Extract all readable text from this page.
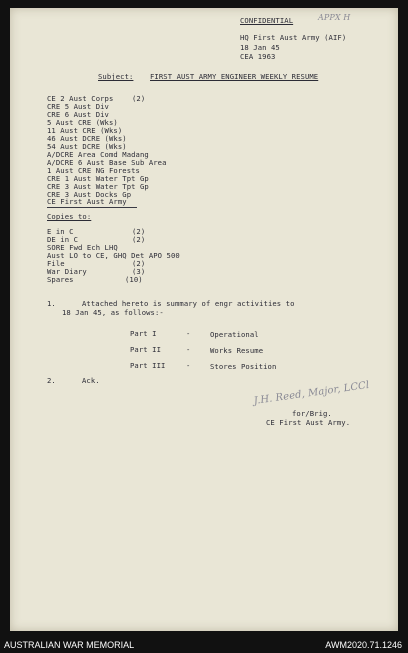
CONFIDENTIAL	APPX H
HQ First Aust Army (AIF)
18 Jan 45
CEA 1963
Subject: FIRST AUST ARMY ENGINEER WEEKLY RESUME
CE 2 Aust Corps	(2)
CRE 5 Aust Div
CRE 6 Aust Div
5 Aust CRE (Wks)
11 Aust CRE (Wks)
46 Aust DCRE (Wks)
54 Aust DCRE (Wks)
A/DCRE Area Comd Madang
A/DCRE 6 Aust Base Sub Area
1 Aust CRE NG Forests
CRE 1 Aust Water Tpt Gp
CRE 3 Aust Water Tpt Gp
CRE 3 Aust Docks Gp
CE First Aust Army
Copies to:
E in C	(2)
DE in C	(2)
SORE Fwd Ech LHQ
Aust LO to CE, GHQ Det APO 500
File	(2)
War Diary	(3)
Spares	(10)
1.	Attached hereto is summary of engr activities to
18 Jan 45, as follows:-
Part I	-	Operational
Part II	-	Works Resume
Part III	-	Stores Position
2.	Ack.	J.H. Reed, Major, LCCl
for/Brig.
CE First Aust Army.
AUSTRALIAN WAR MEMORIAL	AWM2020.71.1246
